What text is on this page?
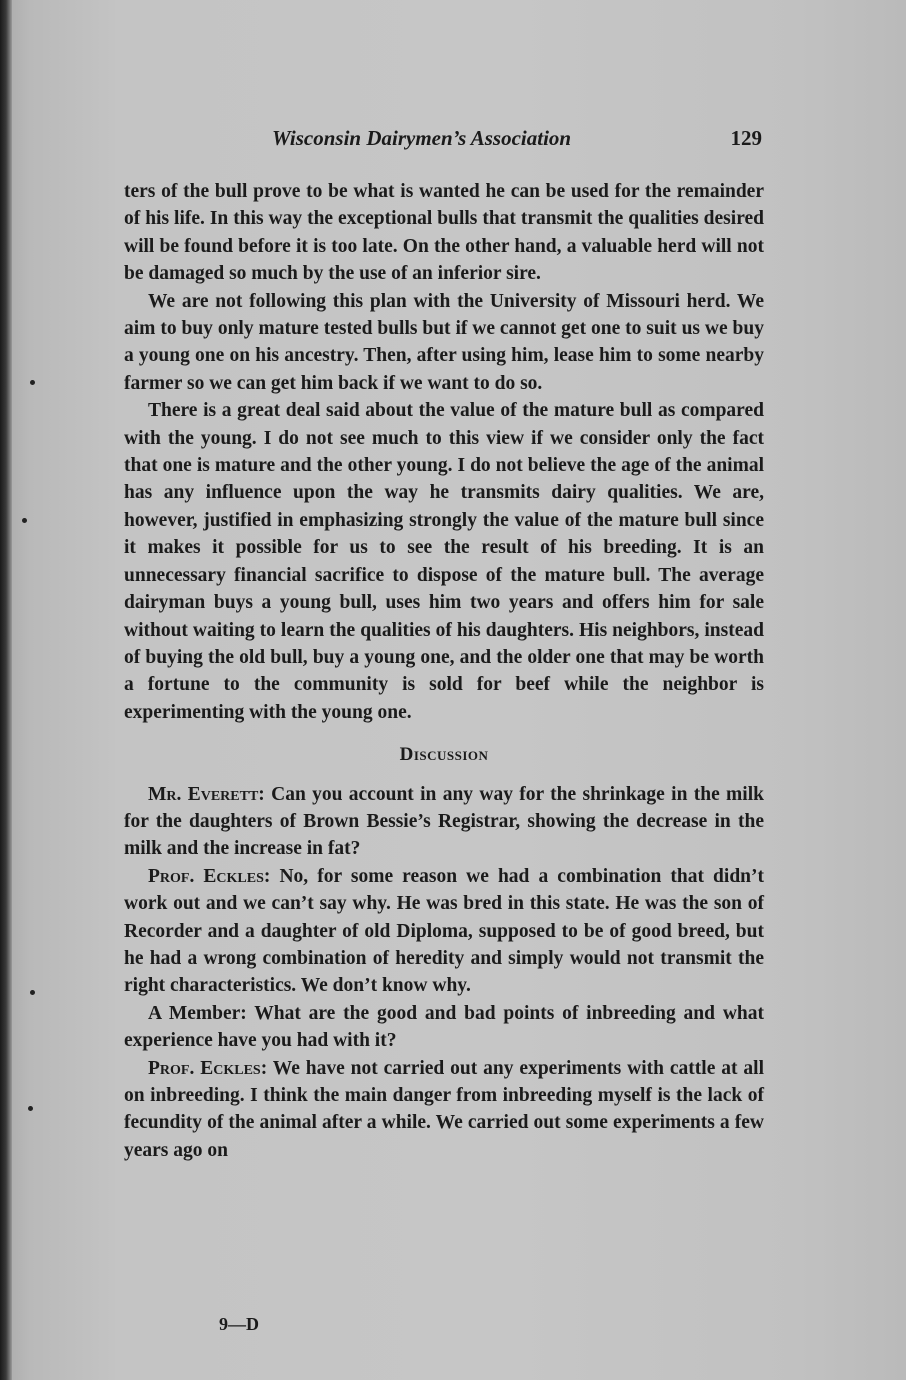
Wisconsin Dairymen’s Association	129

ters of the bull prove to be what is wanted he can be used for the remainder of his life. In this way the exceptional bulls that transmit the qualities desired will be found before it is too late. On the other hand, a valuable herd will not be damaged so much by the use of an inferior sire.

We are not following this plan with the University of Missouri herd. We aim to buy only mature tested bulls but if we cannot get one to suit us we buy a young one on his ancestry. Then, after using him, lease him to some nearby farmer so we can get him back if we want to do so.

There is a great deal said about the value of the mature bull as compared with the young. I do not see much to this view if we consider only the fact that one is mature and the other young. I do not believe the age of the animal has any influence upon the way he transmits dairy qualities. We are, however, justified in emphasizing strongly the value of the mature bull since it makes it possible for us to see the result of his breeding. It is an unnecessary financial sacrifice to dispose of the mature bull. The average dairyman buys a young bull, uses him two years and offers him for sale without waiting to learn the qualities of his daughters. His neighbors, instead of buying the old bull, buy a young one, and the older one that may be worth a fortune to the community is sold for beef while the neighbor is experimenting with the young one.

Discussion

Mr. Everett: Can you account in any way for the shrinkage in the milk for the daughters of Brown Bessie’s Registrar, showing the decrease in the milk and the increase in fat?

Prof. Eckles: No, for some reason we had a combination that didn’t work out and we can’t say why. He was bred in this state. He was the son of Recorder and a daughter of old Diploma, supposed to be of good breed, but he had a wrong combination of heredity and simply would not transmit the right characteristics. We don’t know why.

A Member: What are the good and bad points of inbreeding and what experience have you had with it?

Prof. Eckles: We have not carried out any experiments with cattle at all on inbreeding. I think the main danger from inbreeding myself is the lack of fecundity of the animal after a while. We carried out some experiments a few years ago on

9—D
